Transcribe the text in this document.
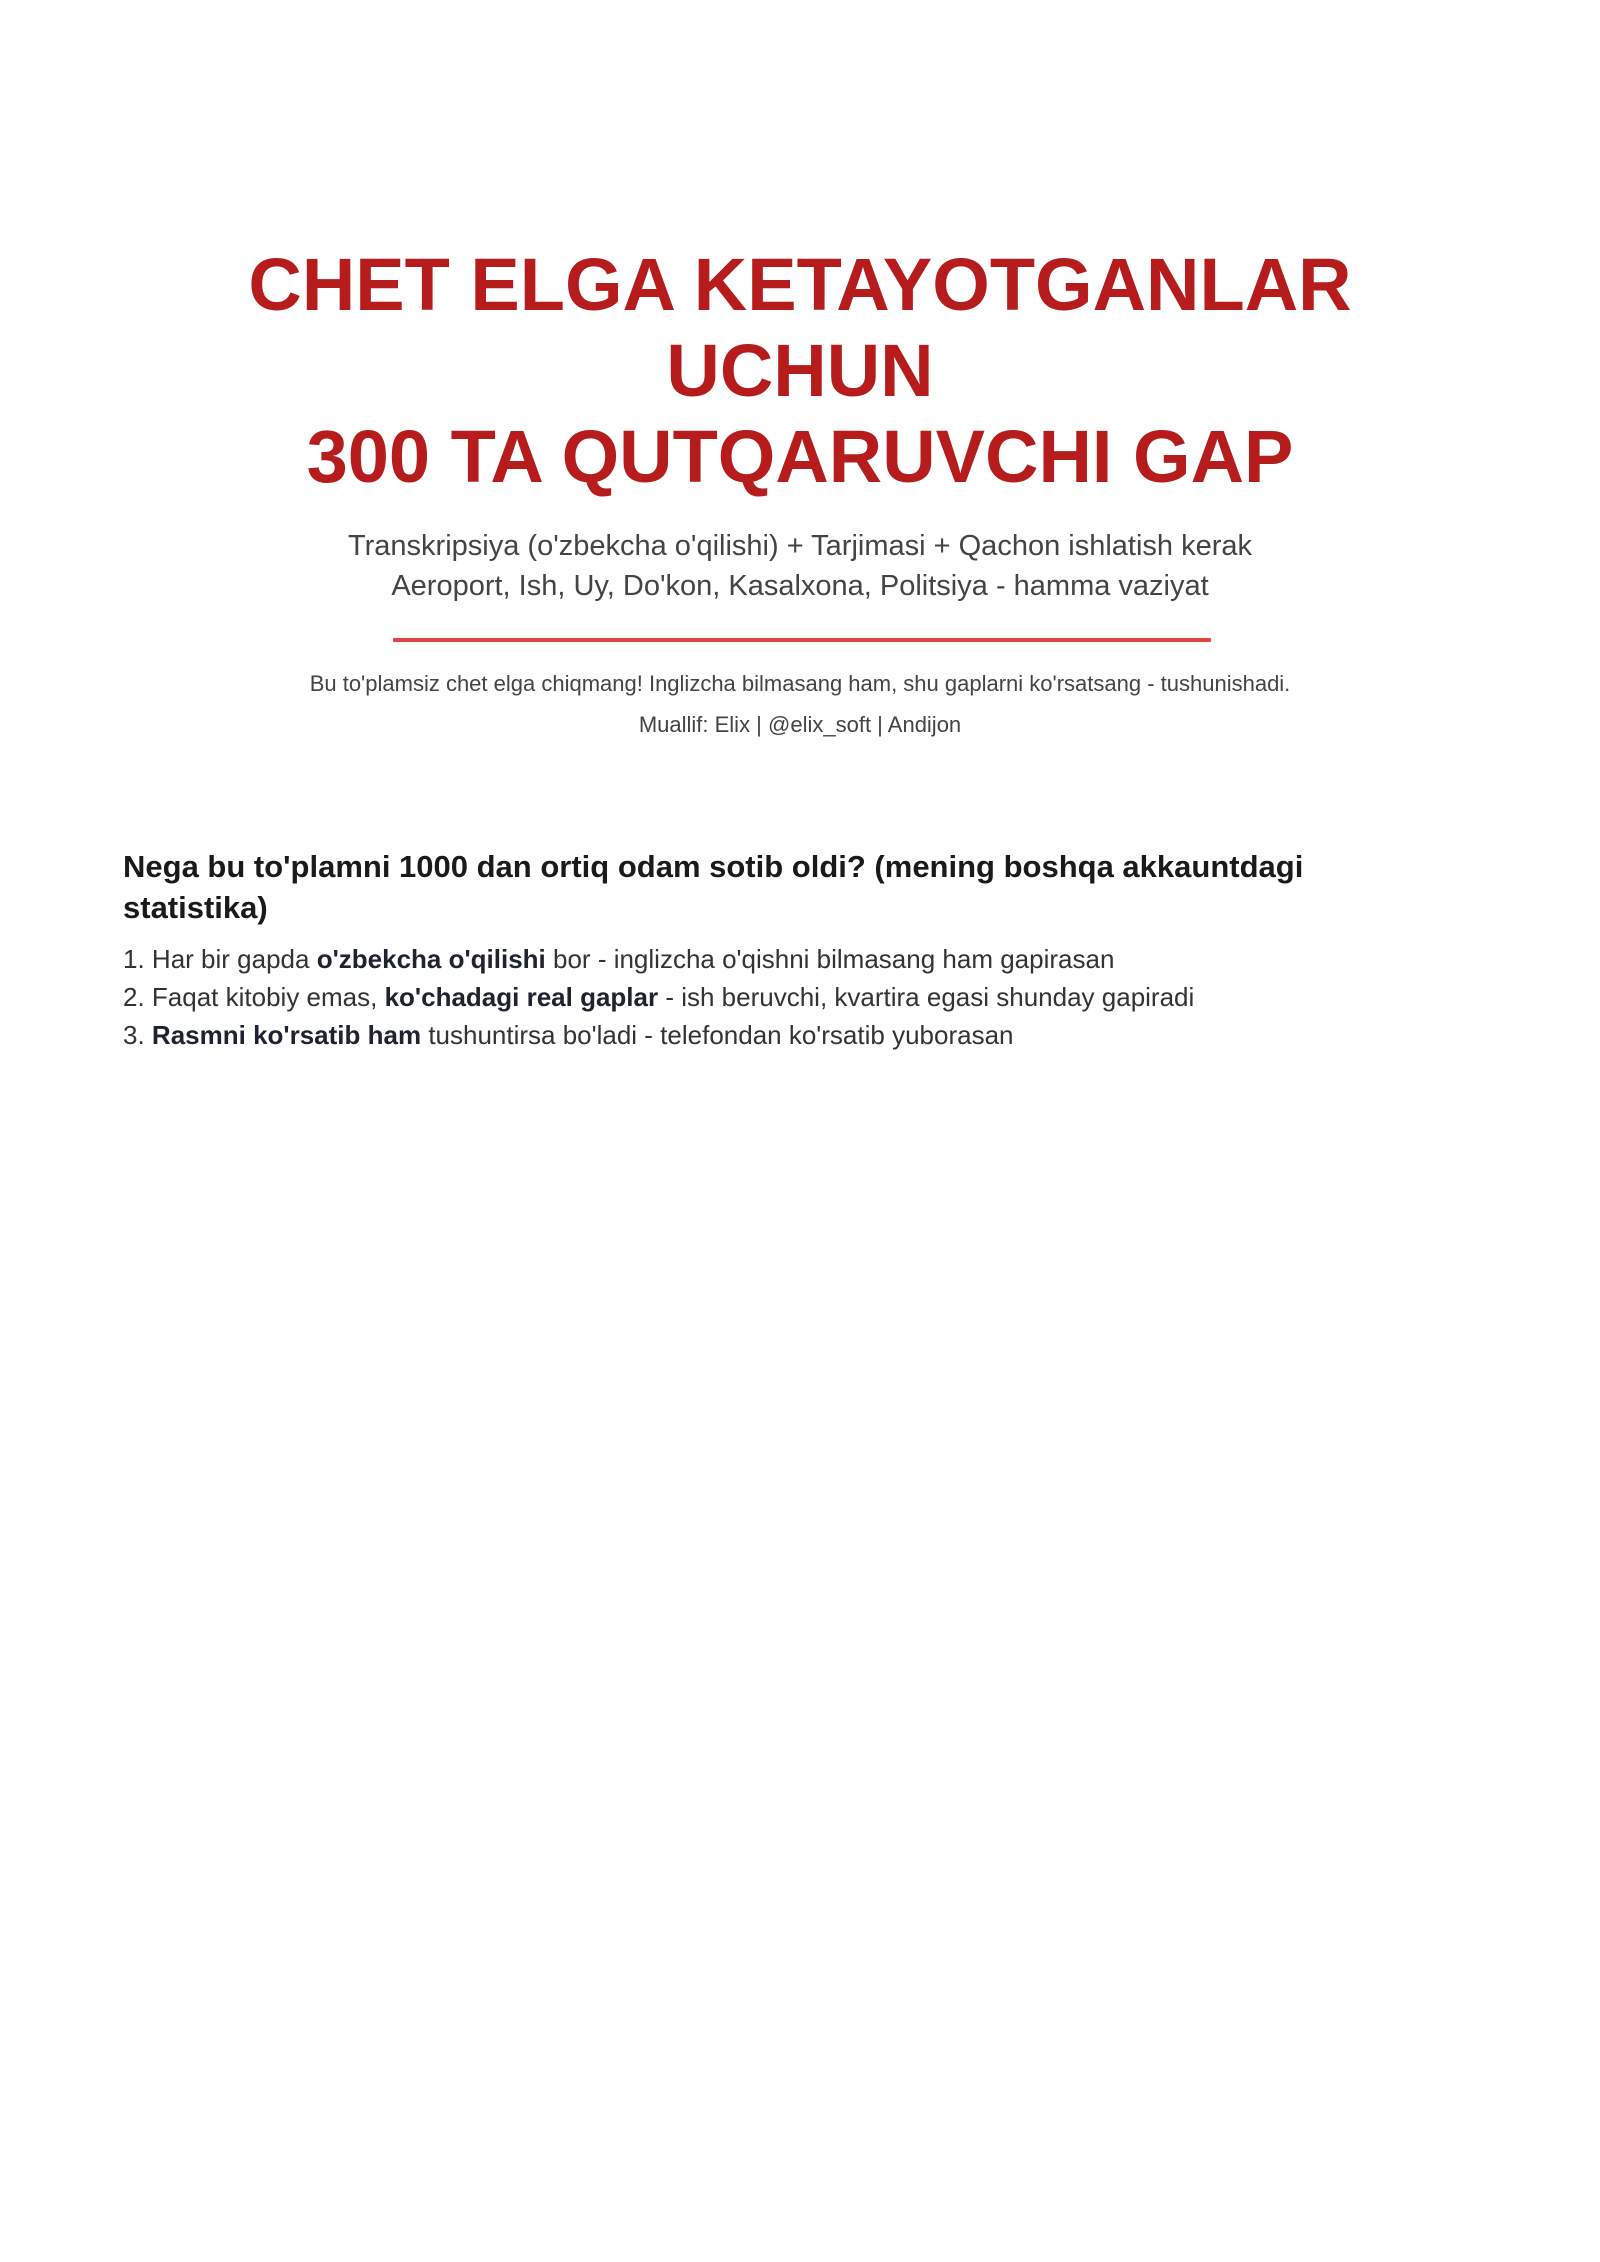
CHET ELGA KETAYOTGANLAR
UCHUN
300 TA QUTQARUVCHI GAP

Transkripsiya (o'zbekcha o'qilishi) + Tarjimasi + Qachon ishlatish kerak

Aeroport, Ish, Uy, Do'kon, Kasalxona, Politsiya - hamma vaziyat

Bu to'plamsiz chet elga chiqmang! Inglizcha bilmasang ham, shu gaplarni ko'rsatsang - tushunishadi.

Muallif: Elix | @elix_soft | Andijon

Nega bu to'plamni 1000 dan ortiq odam sotib oldi? (mening boshqa akkauntdagi statistika)
1. Har bir gapda o'zbekcha o'qilishi bor - inglizcha o'qishni bilmasang ham gapirasan
2. Faqat kitobiy emas, ko'chadagi real gaplar - ish beruvchi, kvartira egasi shunday gapiradi
3. Rasmni ko'rsatib ham tushuntirsa bo'ladi - telefondan ko'rsatib yuborasan
